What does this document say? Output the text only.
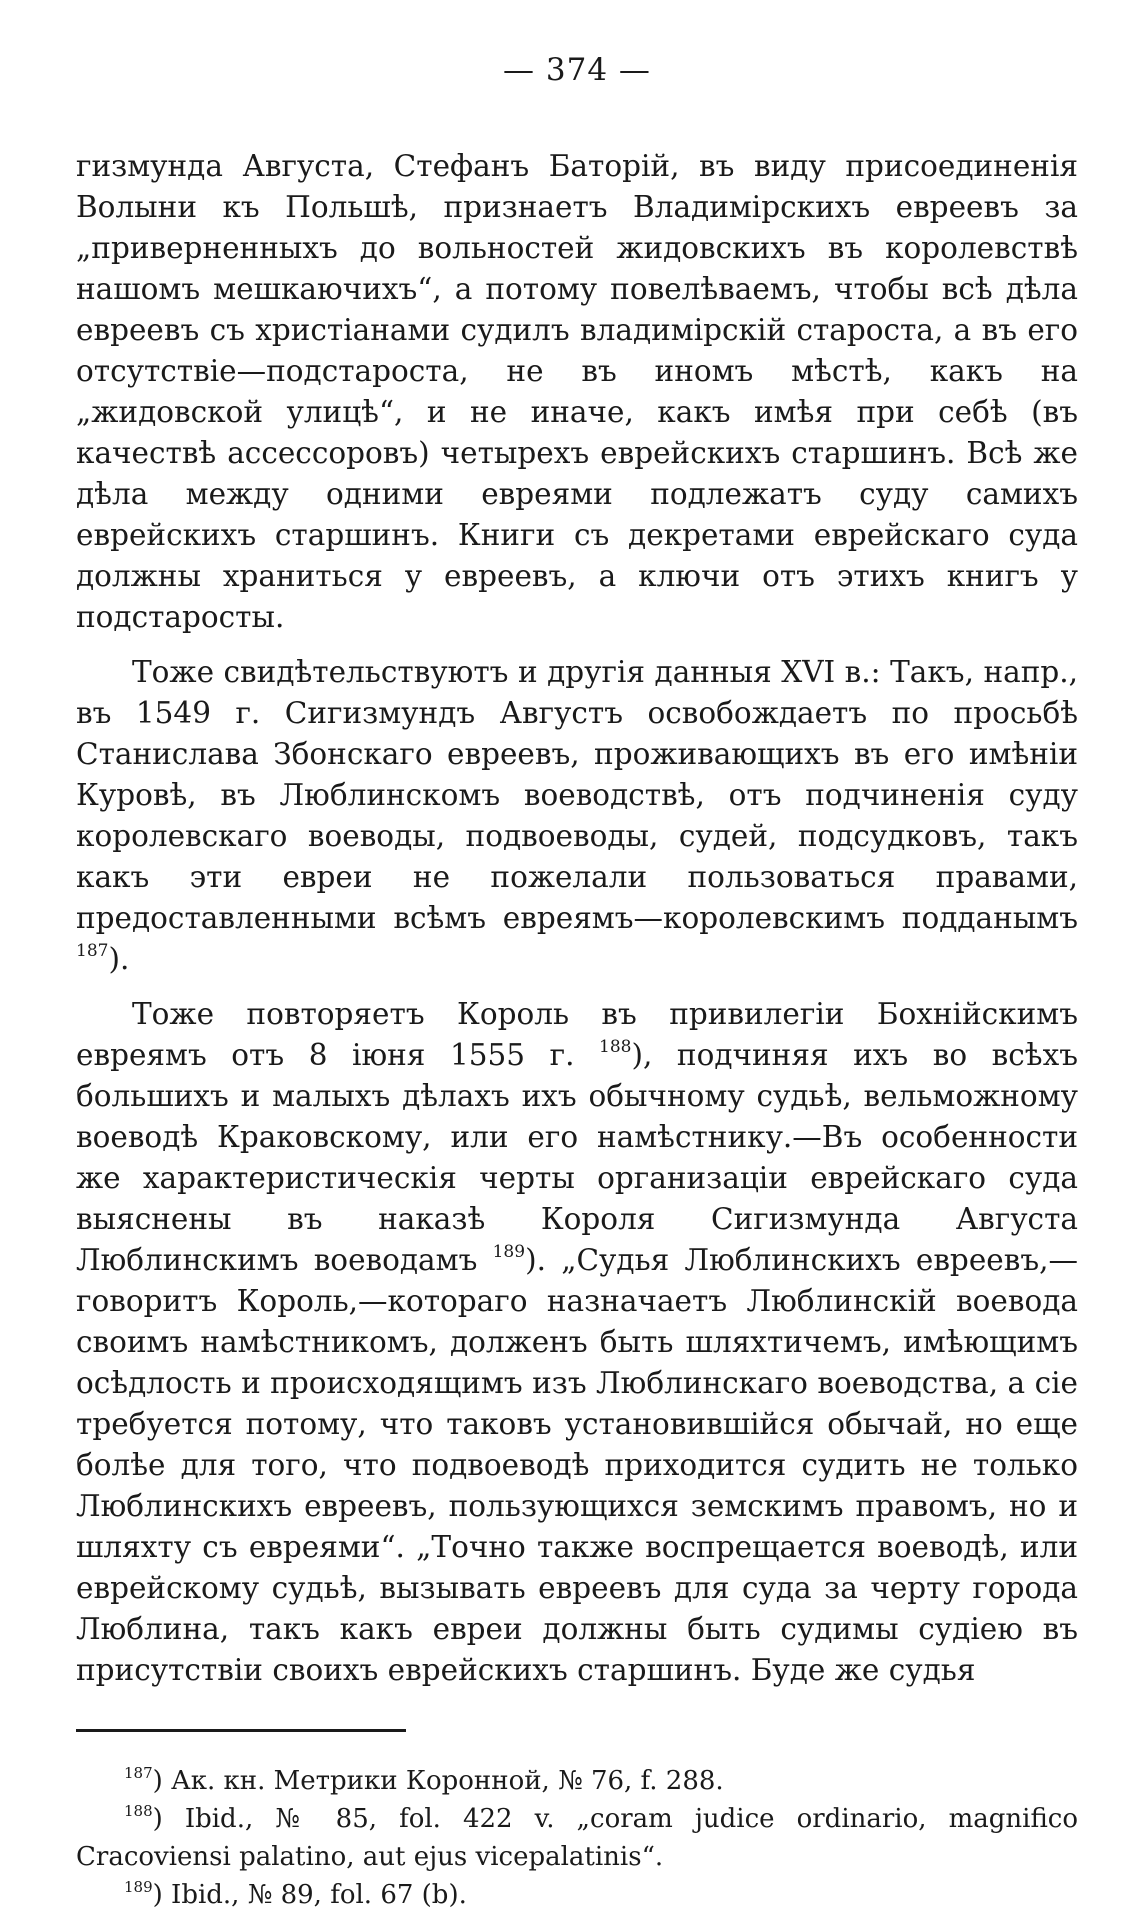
— 374 —

гизмунда Августа, Стефанъ Баторій, въ виду присоединенія Волыни къ Польшѣ, признаетъ Владимірскихъ евреевъ за „приверненныхъ до вольностей жидовскихъ въ королевствѣ нашомъ мешкаючихъ“, а потому повелѣваемъ, чтобы всѣ дѣла евреевъ съ христіанами судилъ владимірскій староста, а въ его отсутствіе—подстароста, не въ иномъ мѣстѣ, какъ на „жидовской улицѣ“, и не иначе, какъ имѣя при себѣ (въ качествѣ ассессоровъ) четырехъ еврейскихъ старшинъ. Всѣ же дѣла между одними евреями подлежатъ суду самихъ еврейскихъ старшинъ. Книги съ декретами еврейскаго суда должны храниться у евреевъ, а ключи отъ этихъ книгъ у подстаросты.

Тоже свидѣтельствуютъ и другія данныя XVI в.: Такъ, напр., въ 1549 г. Сигизмундъ Августъ освобождаетъ по просьбѣ Станислава Збонскаго евреевъ, проживающихъ въ его имѣніи Куровѣ, въ Люблинскомъ воеводствѣ, отъ подчиненія суду королевскаго воеводы, подвоеводы, судей, подсудковъ, такъ какъ эти евреи не пожелали пользоваться правами, предоставленными всѣмъ евреямъ—королевскимъ подданымъ $^{187}$).

Тоже повторяетъ Король въ привилегіи Бохнійскимъ евреямъ отъ 8 іюня 1555 г. $^{188}$), подчиняя ихъ во всѣхъ большихъ и малыхъ дѣлахъ ихъ обычному судьѣ, вельможному воеводѣ Краковскому, или его намѣстнику.—Въ особенности же характеристическія черты организаціи еврейскаго суда выяснены въ наказѣ Короля Сигизмунда Августа Люблинскимъ воеводамъ $^{189}$). „Судья Люблинскихъ евреевъ,—говоритъ Король,—котораго назначаетъ Люблинскій воевода своимъ намѣстникомъ, долженъ быть шляхтичемъ, имѣющимъ осѣдлость и происходящимъ изъ Люблинскаго воеводства, а сіе требуется потому, что таковъ установившійся обычай, но еще болѣе для того, что подвоеводѣ приходится судить не только Люблинскихъ евреевъ, пользующихся земскимъ правомъ, но и шляхту съ евреями“. „Точно также воспрещается воеводѣ, или еврейскому судьѣ, вызывать евреевъ для суда за черту города Люблина, такъ какъ евреи должны быть судимы судіею въ присутствіи своихъ еврейскихъ старшинъ. Буде же судья

$^{187}$) Ак. кн. Метрики Коронной, № 76, f. 288.

$^{188}$) Ibid., № 85, fol. 422 v. „coram judice ordinario, magnifico Cracoviensi palatino, aut ejus vicepalatinis“.

$^{189}$) Ibid., № 89, fol. 67 (b).
